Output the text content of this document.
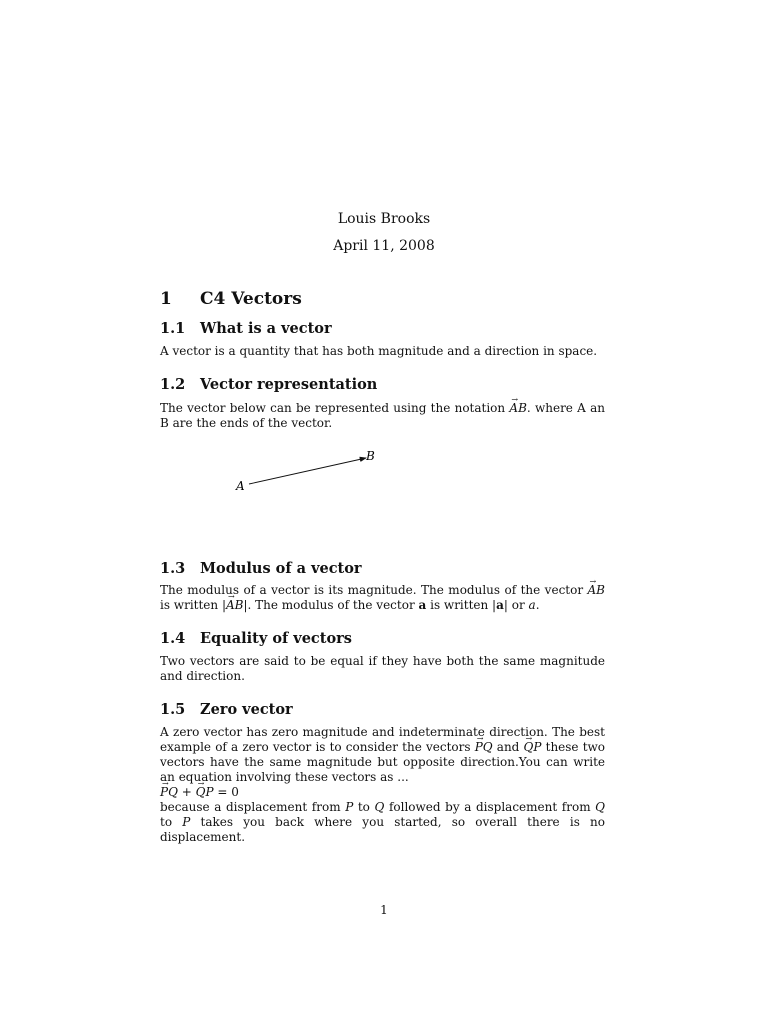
Louis Brooks
April 11, 2008
1 C4 Vectors
1.1 What is a vector
A vector is a quantity that has both magnitude and a direction in space.
1.2 Vector representation
The vector below can be represented using the notation → AB. where A an B are the ends of the vector.
A
B
1.3 Modulus of a vector
The modulus of a vector is its magnitude. The modulus of the vector → AB is written |→ AB|. The modulus of the vector a is written |a| or a.
1.4 Equality of vectors
Two vectors are said to be equal if they have both the same magnitude and direction.
1.5 Zero vector
A zero vector has zero magnitude and indeterminate direction. The best example of a zero vector is to consider the vectors → PQ and → QP these two vectors have the same magnitude but opposite direction.You can write an equation involving these vectors as ...
→ PQ + → QP = 0
because a displacement from P to Q followed by a displacement from Q to P takes you back where you started, so overall there is no displacement.
1
